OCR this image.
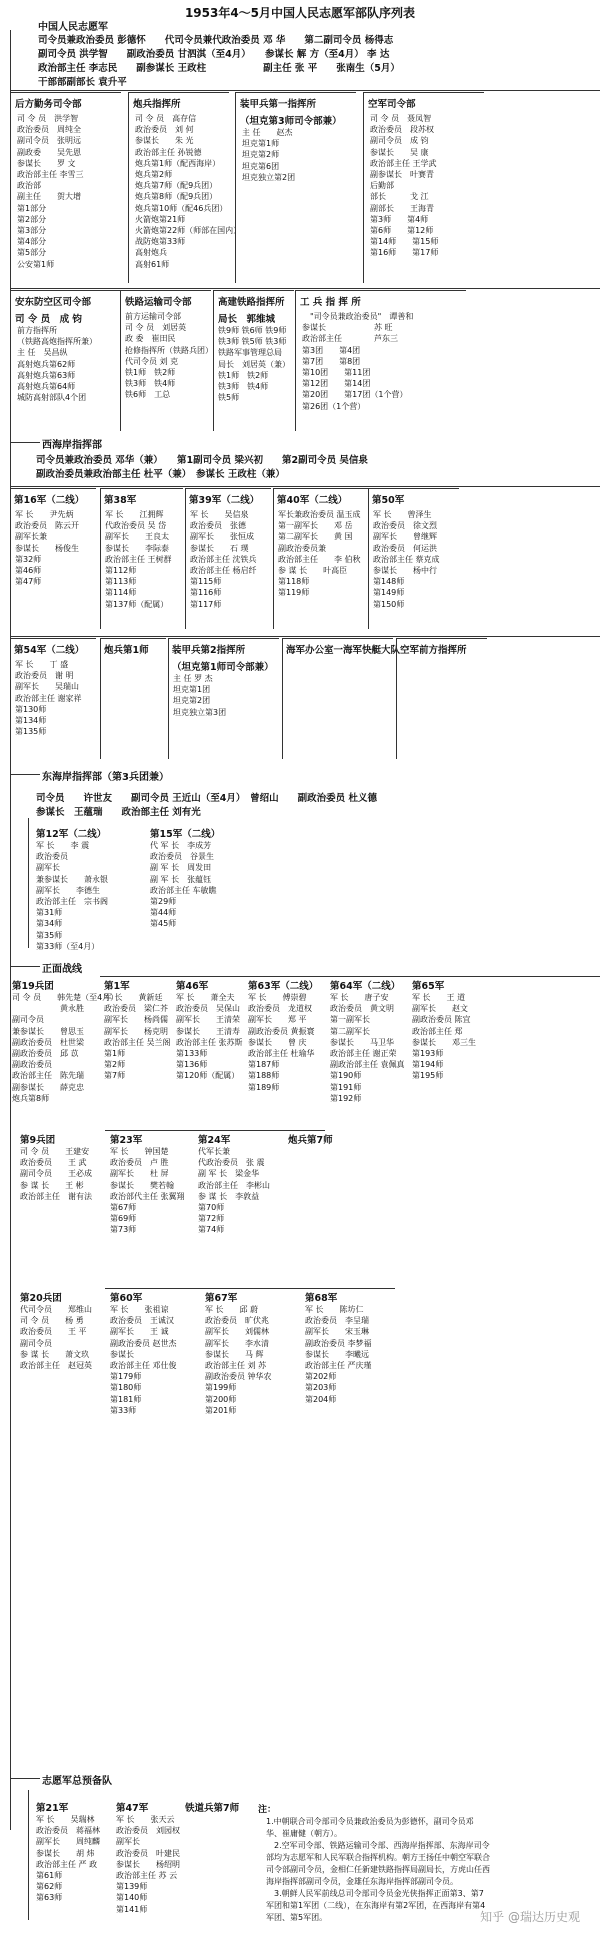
1953年4～5月中国人民志愿军部队序列表
中国人民志愿军
司令员兼政治委员 彭德怀　　代司令员兼代政治委员 邓 华　　第二副司令员 杨得志
副司令员 洪学智　　副政治委员 甘泗淇（至4月）　　参谋长 解 方（至4月） 李 达
政治部主任 李志民　　副参谋长 王政柱　　　　　　副主任 张 平　　张南生（5月）
干部部副部长 袁升平
后方勤务司令部
司 令 员　洪学智
政治委员　周纯全
副司令员　张明远
副政委　　吴先恩
参谋长　　罗 文
政治部主任 李雪三
政治部
副主任　　贺大增
第1部分
第2部分
第3部分
第4部分
第5部分
公安第1师
炮兵指挥所
司 令 员　高存信
政治委员　刘 何
参谋长　　朱 光
政治部主任 孙锐德
炮兵第1师（配西海岸）
炮兵第2师
炮兵第7师（配9兵团）
炮兵第8师（配9兵团）
炮兵第10师（配46兵团）
火箭炮第21师
火箭炮第22师（师部在国内）
战防炮第33师
高射炮兵
高射61师
装甲兵第一指挥所
（坦克第3师司令部兼）
主 任　　赵杰
坦克第1师
坦克第2师
坦克第6团
坦克独立第2团
空军司令部
司 令 员　聂凤智
政治委员　段苏权
副司令员　成 钧
参谋长　　吴 康
政治部主任 王学武
副参谋长　叶赛青
后勤部
部长　　　戈 江
副部长　　王海青
第3师　　第4师
第6师　　第12师
第14师　　第15师
第16师　　第17师
安东防空区司令部
司 令 员　成 钧
前方指挥所
（铁路高炮指挥所兼）
主 任　吴昌纵
高射炮兵第62师
高射炮兵第63师
高射炮兵第64师
城防高射部队4个团
铁路运输司令部
前方运输司令部
司 令 员　刘居英
政 委　崔田民
抢修指挥所（铁路兵团）
代司令员 刘 克
铁1师　铁2师
铁3师　铁4师
铁6师　工总
高建铁路指挥所
局长　郭维城
铁9师 铁6师 铁9师
铁3师 铁5师 铁3师
铁路军事管理总局
局长　刘居英（兼）
铁1师　铁2师
铁3师　铁4师
铁5师
工 兵 指 挥 所
　"司令员兼政治委员"　谭善和
参谋长　　　　　　苏 旺
政治部主任　　　　芦东三
第3团　　第4团
第7团　　第8团
第10团　　第11团
第12团　　第14团
第20团　　第17团（1个营）
第26团（1个营）
西海岸指挥部
司令员兼政治委员 邓华（兼）　　第1副司令员 梁兴初　　第2副司令员 吴信泉
副政治委员兼政治部主任 杜平（兼）　参谋长 王政柱（兼）
第16军（二线）
军 长　　尹先炳
政治委员　陈云开
副军长兼
参谋长　　杨俊生
第32师
第46师
第47师
第38军
军 长　　江拥辉
代政治委员 吴 岱
副军长　　王良太
参谋长　　李际泰
政治部主任 王树群
第112师
第113师
第114师
第137师（配属）
第39军（二线）
军 长　　吴信泉
政治委员　张德
副军长　　张恒成
参谋长　　石 璞
政治部主任 沈铁兵
政治部主任 杨启纤
第115师
第116师
第117师
第40军（二线）
军长兼政治委员 温玉成
第一副军长　　邓 岳
第二副军长　　黄 国
副政治委员兼
政治部主任　　李 伯秋
参 谋 长　　叶高臣
第118师
第119师
第50军
军 长　　曾泽生
政治委员　徐文烈
副军长　　曾继辉
政治委员　何运洪
政治部主任 蔡克成
参谋长　　杨中行
第148师
第149师
第150师
第54军（二线）
军 长　　丁 盛
政治委员　谢 明
副军长　　吴瑞山
政治部主任 谢家祥
第130师
第134师
第135师
炮兵第1师	装甲兵第2指挥所
（坦克第1师司令部兼）
主 任 罗 杰
坦克第1团
坦克第2团
坦克独立第3团
海军办公室一海军快艇大队 空军前方指挥所
东海岸指挥部（第3兵团兼）
司令员　　许世友　　副司令员 王近山（至4月）　曾绍山　　副政治委员 杜义德
参谋长　王蕴瑞　　政治部主任 刘有光
第12军（二线）
军 长　　李 震
政治委员
副军长
兼参谋长　　萧永银
副军长　　李德生
政治部主任　宗书阁
第31师
第34师
第35师
第33师（至4月）
第15军（二线）
代 军 长　李成芳
政治委员　谷景生
副 军 长　周发田
副 军 长　张蕴钰
政治部主任 车敏瞧
第29师
第44师
第45师
正面战线
第19兵团
司 令 员　　韩先楚（至4月）
　　　　　　黄永胜
副司令员
兼参谋长　　曾思玉
副政治委员　杜世梁
副政治委员　邱 苡
副政治委员
政治部主任　陈先瑞
副参谋长　　薛克忠
炮兵第8师
第1军
军 长　　黄新廷
政治委员　梁仁芥
副军长　　杨尚儒
副军长　　杨克明
政治部主任 吴兰阁
第1师
第2师
第7师
第46军
军 长　　萧全夫
政治委员　吴保山
副军长　　王清荣
参谋长　　王清寿
政治部主任 张苏斯
第133师
第136师
第120师（配属）
第63军（二线）
军 长　　傅崇碧
政治委员　龙道权
副军长　　郑 平
副政治委员 黄振寰
参谋长　　曾 庆
政治部主任 杜瑜华
第187师
第188师
第189师
第64军（二线）
军 长　　唐子安
政治委员　黄文明
第一副军长
第二副军长
参谋长　　马卫华
政治部主任 谢正荣
副政治部主任 袁佩真
第190师
第191师
第192师
第65军
军 长　　王 道
副军长　　赵文
副政治委员 陈宜
政治部主任 郑
参谋长　　邓三生
第193师
第194师
第195师
第9兵团
司 令 员　　王建安
政治委员　　王 武
副司令员　　王必成
参 谋 长　　王 彬
政治部主任　谢有法
第23军
军 长　　钟国楚
政治委员　卢 胜
副军长　　杜 屏
参谋长　　樊若翰
政治部代主任 张翼翔
第67师
第69师
第73师
第24军
代军长兼
代政治委员　张 震
副 军 长　梁金华
政治部主任　李彬山
参 谋 长　李敦益
第70师
第72师
第74师
炮兵第7师
第20兵团
代司令员　　郑维山
司 令 员　　杨 勇
政治委员　　王 平
副司令员
参 谋 长　　萧文玖
政治部主任　赵冠英
第60军
军 长　　张祖谅
政治委员　王诚汉
副军长　　王 诚
副政治委员 赵世杰
参谋长
政治部主任 邓仕俊
第179师
第180师
第181师
第33师
第67军
军 长　　邱 蔚
政治委员　旷伏兆
副军长　　刘儒林
副军长　　李水清
参谋长　　马 辉
政治部主任 刘 苏
副政治委员 钟华农
第199师
第200师
第201师
第68军
军 长　　陈坊仁
政治委员　李呈瑞
副军长　　宋玉琳
副政治委员 李梦福
参谋长　　李曦远
政治部主任 严庆瑾
第202师
第203师
第204师
志愿军总预备队
第21军
军 长　　吴瑞林
政治委员　蒋福林
副军长　　周纯麟
参谋长　　胡 炜
政治部主任 严 政
第61师
第62师
第63师
第47军
军 长　　张天云
政治委员　刘园权
副军长
政治委员　叶建民
参谋长　　杨绍明
政治部主任 苏 云
第139师
第140师
第141师
铁道兵第7师	注：
1.中朝联合司令部司令员兼政治委员为彭德怀，副司令员邓
华、崔庸健（朝方）。
　2.空军司令部、铁路运输司令部、西海岸指挥部、东海岸司令
部均为志愿军和人民军联合指挥机构。朝方王扬任中朝空军联合
司令部副司令员，金相仁任新建铁路指挥局副局长，方虎山任西
海岸指挥部副司令员，金雄任东海岸指挥部副司令员。
　3.朝鲜人民军前线总司令部司令员金光侠指挥正面第3、第7
军团和第1军团（二线），在东海岸有第2军团，在西海岸有第4
军团、第5军团。	知乎 @瑞达历史观
